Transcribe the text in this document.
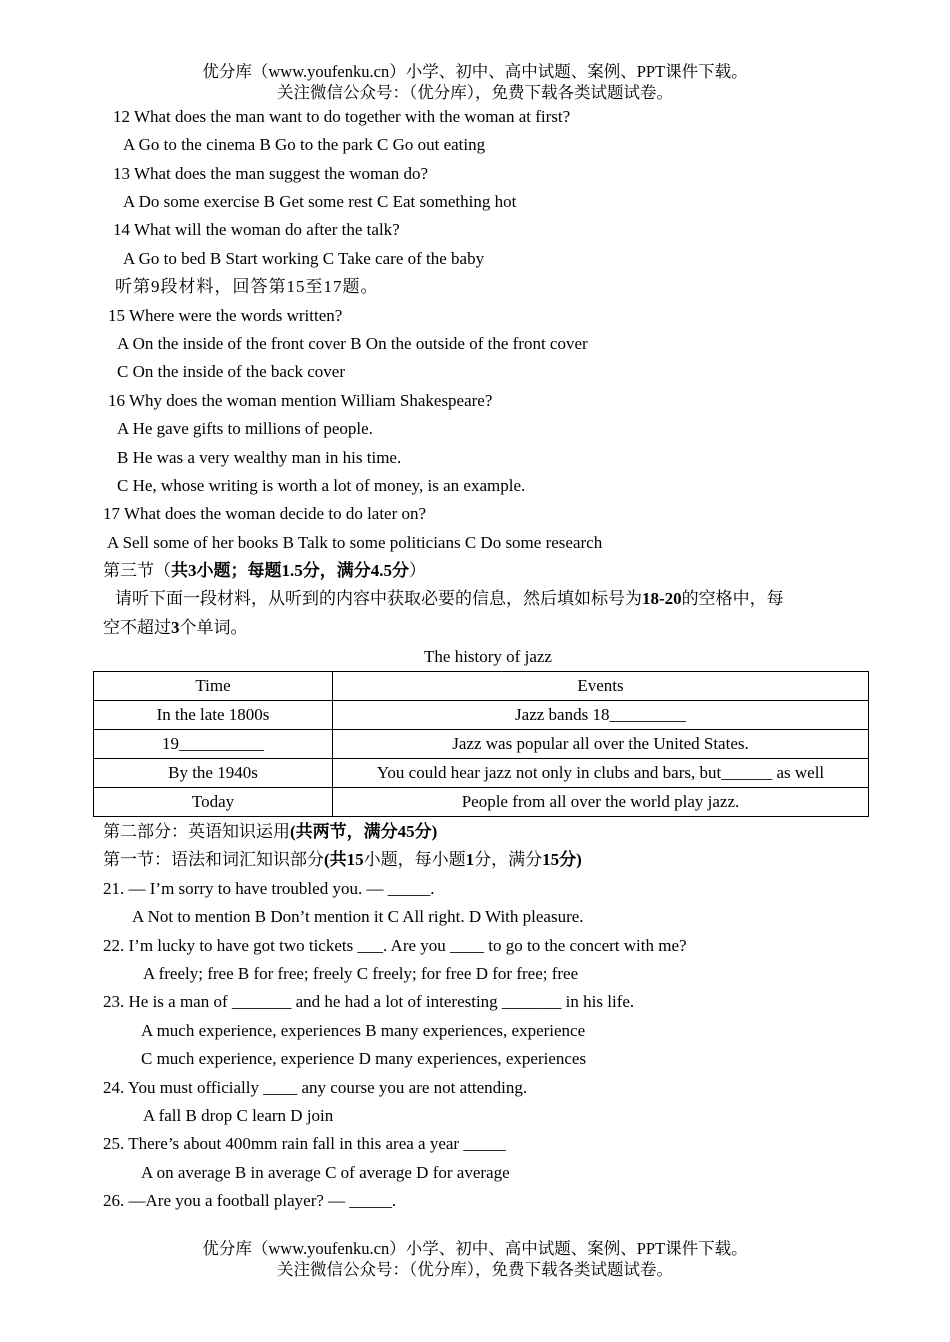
优分库（www.youfenku.cn）小学、初中、高中试题、案例、PPT课件下载。
关注微信公众号：（优分库），免费下载各类试题试卷。
12 What does the man want to do together with the woman at first?
A Go to the cinema B Go to the park C Go out eating
13 What does the man suggest the woman do?
A Do some exercise B Get some rest C Eat something hot
14 What will the woman do after the talk?
A Go to bed B Start working C Take care of the baby
听第9段材料，回答第15至17题。
15 Where were the words written?
A On the inside of the front cover B On the outside of the front cover
C On the inside of the back cover
16 Why does the woman mention William Shakespeare?
A He gave gifts to millions of people.
B He was a very wealthy man in his time.
C He, whose writing is worth a lot of money, is an example.
17 What does the woman decide to do later on?
A Sell some of her books B Talk to some politicians C Do some research
第三节（共3小题；每题1.5分，满分4.5分）
请听下面一段材料，从听到的内容中获取必要的信息，然后填如标号为18-20的空格中，每
空不超过3个单词。
The history of jazz
Time	Events
In the late 1800s	Jazz bands 18_________
19__________	Jazz was popular all over the United States.
By the 1940s	You could hear jazz not only in clubs and bars, but______ as well
Today	People from all over the world play jazz.
第二部分：英语知识运用(共两节，满分45分)
第一节：语法和词汇知识部分(共15小题，每小题1分，满分15分)
21. — I’m sorry to have troubled you. — _____.
A Not to mention B Don’t mention it C All right. D With pleasure.
22. I’m lucky to have got two tickets ___. Are you ____ to go to the concert with me?
A freely; free B for free; freely C freely; for free D for free; free
23. He is a man of _______ and he had a lot of interesting _______ in his life.
A much experience, experiences B many experiences, experience
C much experience, experience D many experiences, experiences
24. You must officially ____ any course you are not attending.
A fall B drop C learn D join
25. There’s about 400mm rain fall in this area a year _____
A on average B in average C of average D for average
26. —Are you a football player? — _____.
优分库（www.youfenku.cn）小学、初中、高中试题、案例、PPT课件下载。
关注微信公众号：（优分库），免费下载各类试题试卷。
